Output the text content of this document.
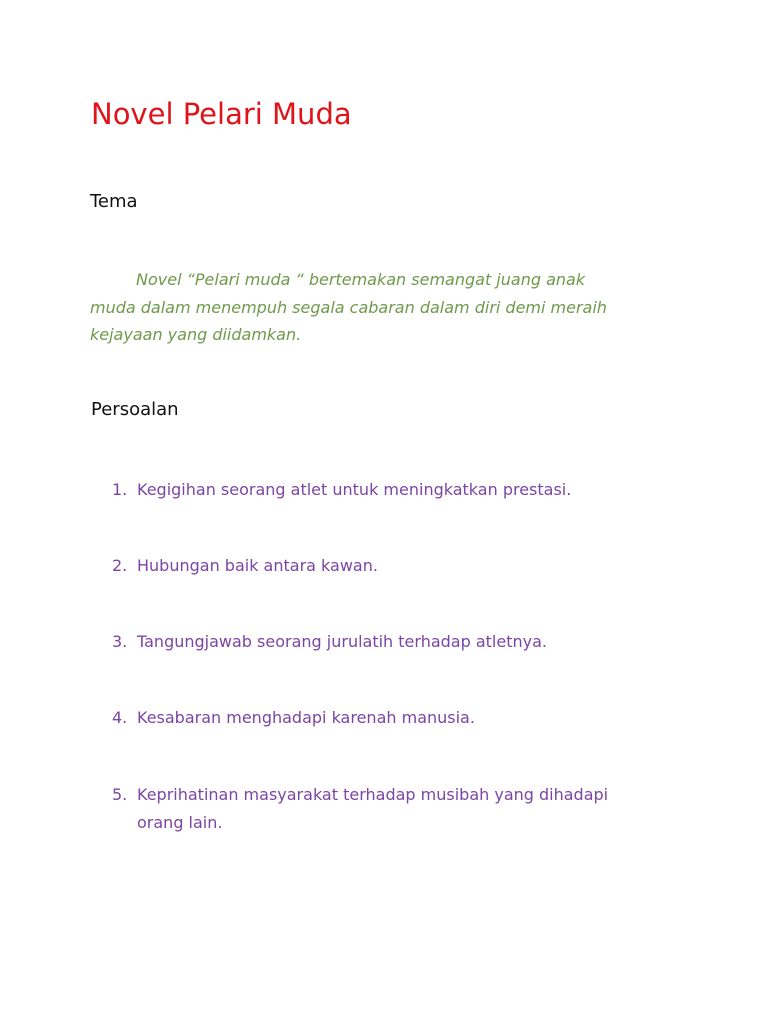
Novel Pelari Muda
Tema

Novel “Pelari muda “ bertemakan semangat juang anak
muda dalam menempuh segala cabaran dalam diri demi meraih
kejayaan yang diidamkan.

Persoalan
1. Kegigihan seorang atlet untuk meningkatkan prestasi.
2. Hubungan baik antara kawan.
3. Tangungjawab seorang jurulatih terhadap atletnya.
4. Kesabaran menghadapi karenah manusia.
5. Keprihatinan masyarakat terhadap musibah yang dihadapi
orang lain.
